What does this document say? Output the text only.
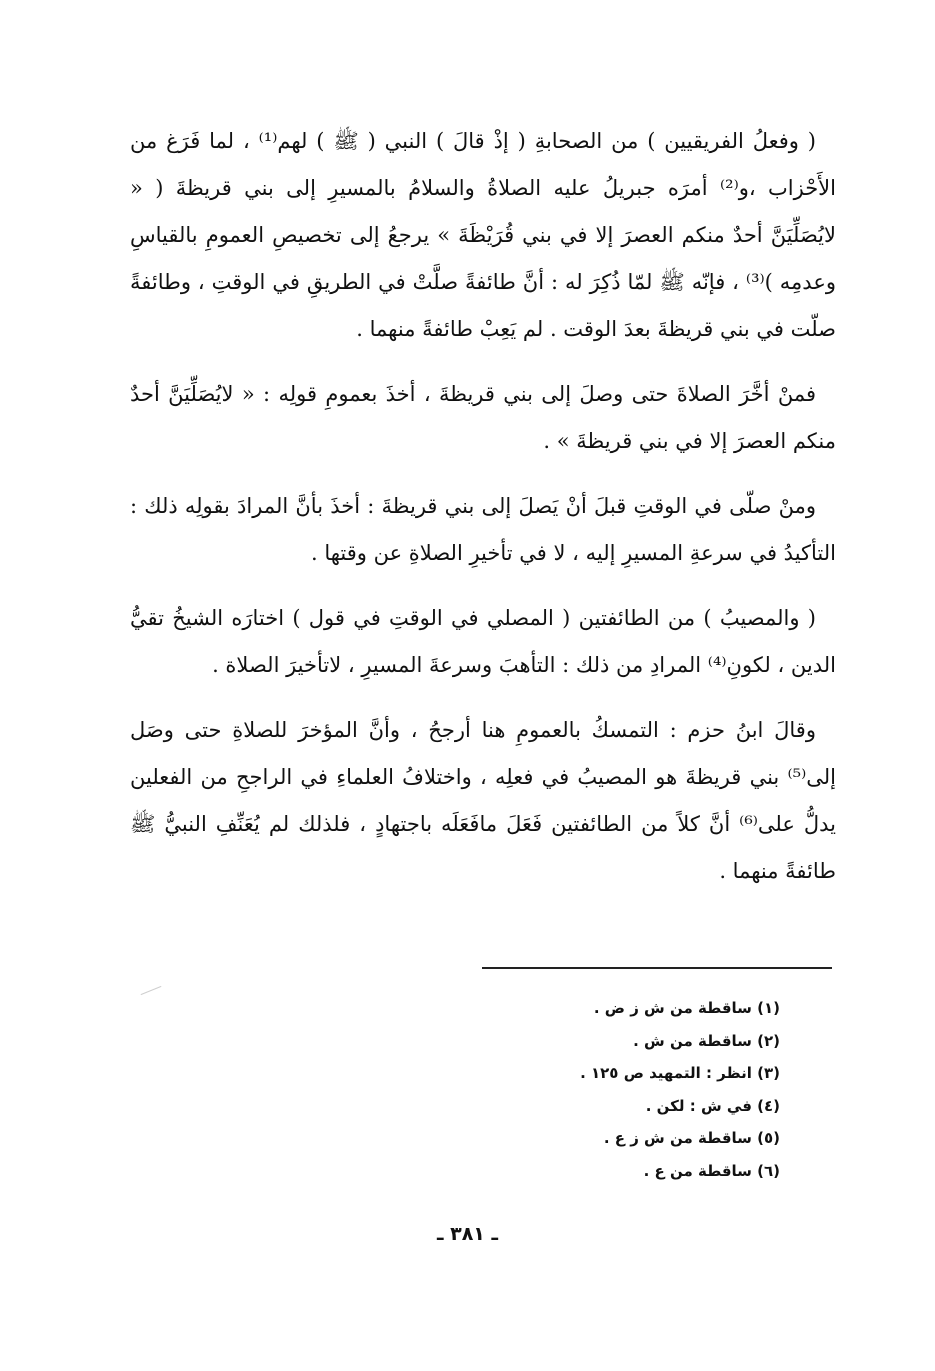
( وفعلُ الفريقيين ) من الصحابةِ ( إذْ قالَ ) النبي ( ﷺ ) لهم⁽¹⁾ ، لما فَرَغ من الأَحْزاب ،و⁽²⁾ أمرَه جبريلُ عليه الصلاةُ والسلامُ بالمسيرِ إلى بني قريظةَ ( « لايُصَلِّيَنَّ أحدٌ منكم العصرَ إلا في بني قُرَيْظَةَ » يرجعُ إلى تخصيصِ العمومِ بالقياسِ وعدمِه )⁽³⁾ ، فإنّه ﷺ لمّا ذُكِرَ له : أنَّ طائفةً صلَّتْ في الطريقِ في الوقتِ ، وطائفةً صلّت في بني قريظةَ بعدَ الوقت . لم يَعِبْ طائفةً منهما .

فمنْ أخَّرَ الصلاةَ حتى وصلَ إلى بني قريظةَ ، أخذَ بعمومِ قولِه : « لايُصَلِّيَنَّ أحدٌ منكم العصرَ إلا في بني قريظةَ » .

ومنْ صلّى في الوقتِ قبلَ أنْ يَصلَ إلى بني قريظةَ : أخذَ بأنَّ المرادَ بقولِه ذلك : التأكيدُ في سرعةِ المسيرِ إليه ، لا في تأخيرِ الصلاةِ عن وقتها .

( والمصيبُ ) من الطائفتين ( المصلي في الوقتِ في قول ) اختارَه الشيخُ تقيُّ الدين ، لكونِ⁽⁴⁾ المرادِ من ذلك : التأهبَ وسرعةَ المسيرِ ، لاتأخيرَ الصلاة .

وقالَ ابنُ حزم : التمسكُ بالعمومِ هنا أرجحُ ، وأنَّ المؤخرَ للصلاةِ حتى وصَل إلى⁽⁵⁾ بني قريظةَ هو المصيبُ في فعلِه ، واختلافُ العلماءِ في الراجحِ من الفعلين يدلُّ على⁽⁶⁾ أنَّ كلاً من الطائفتين فَعَلَ مافَعَلَه باجتهادٍ ، فلذلك لم يُعَنِّفِ النبيُّ ﷺ طائفةً منهما .

(١) ساقطة من ش ز ض .
(٢) ساقطة من ش .
(٣) انظر : التمهيد ص ١٢٥ .
(٤) في ش : لكن .
(٥) ساقطة من ش ز ع .
(٦) ساقطة من ع .
ـ ٣٨١ ـ
